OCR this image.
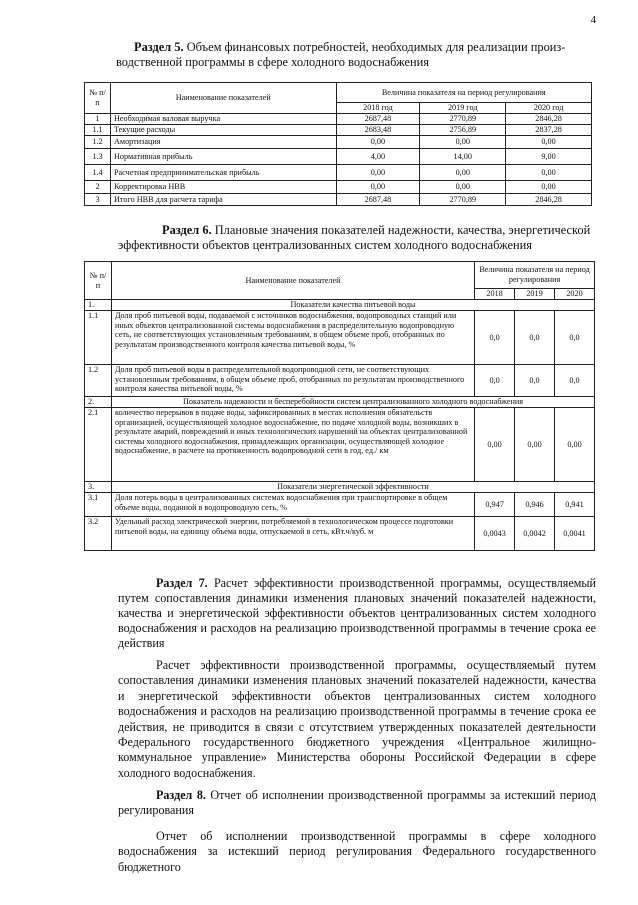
4
Раздел 5. Объем финансовых потребностей, необходимых для реализации произ-
водственной программы в сфере холодного водоснабжения
№ п/п	Наименование показателей	Величина показателя на период регулирования		
		2018 год	2019 год	2020 год
1	Необходимая валовая выручка	2687,48	2770,89	2846,28
1.1	Текущие расходы	2683,48	2756,89	2837,28
1.2	Амортизация	0,00	0,00	0,00
1.3	Нормативная прибыль	4,00	14,00	9,00
1.4	Расчетная предпринимательская прибыль	0,00	0,00	0,00
2	Корректировка НВВ	0,00	0,00	0,00
3	Итого НВВ для расчета тарифа	2687,48	2770,89	2846,28
Раздел 6. Плановые значения показателей надежности, качества, энергетической
эффективности объектов централизованных систем холодного водоснабжения
№ п/п	Наименование показателей	Величина показателя на период регулирования		
		2018	2019	2020
1.	Показатели качества питьевой воды			
1.1	Доля проб питьевой воды, подаваемой с источников водоснабжения, водопроводных станций или иных объектов централизованной системы водоснабжения в распределительную водопроводную сеть, не соответствующих установленным требованиям, в общем объеме проб, отобранных по результатам производственного контроля качества питьевой воды, %	0,0	0,0	0,0
1.2	Доля проб питьевой воды в распределительной водопроводной сети, не соответствующих установленным требованиям, в общем объеме проб, отобранных по результатам производственного контроля качества питьевой воды, %	0,0	0,0	0,0
2.	Показатель надежности и бесперебойности систем централизованного холодного водоснабжения			
2.1	количество перерывов в подаче воды, зафиксированных в местах исполнения обязательств организацией, осуществляющей холодное водоснабжение, по подаче холодной воды, возникших в результате аварий, повреждений и иных технологических нарушений на объектах централизованной системы холодного водоснабжения, принадлежащих организации, осуществляющей холодное водоснабжение, в расчете на протяженность водопроводной сети в год, ед./ км	0,00	0,00	0,00
3.	Показатели энергетической эффективности			
3.1	Доля потерь воды в централизованных системах водоснабжения при транспортировке в общем объеме воды, поданной в водопроводную сеть, %	0,947	0,946	0,941
3.2	Удельный расход электрической энергии, потребляемой в технологическом процессе подготовки питьевой воды, на единицу объема воды, отпускаемой в сеть, кВт.ч/куб. м	0,0043	0,0042	0,0041
Раздел 7. Расчет эффективности производственной программы, осуществляемый путем сопоставления динамики изменения плановых значений показателей надежности, качества и энергетической эффективности объектов централизованных систем холодного водоснабжения и расходов на реализацию производственной программы в течение срока ее действия
Расчет эффективности производственной программы, осуществляемый путем сопоставления динамики изменения плановых значений показателей надежности, качества и энергетической эффективности объектов централизованных систем холодного водоснабжения и расходов на реализацию производственной программы в течение срока ее действия, не приводится в связи с отсутствием утвержденных показателей деятельности Федерального государственного бюджетного учреждения «Центральное жилищно-коммунальное управление» Министерства обороны Российской Федерации в сфере холодного водоснабжения.
Раздел 8. Отчет об исполнении производственной программы за истекший период регулирования
Отчет об исполнении производственной программы в сфере холодного водоснабжения за истекший период регулирования Федерального государственного бюджетного
